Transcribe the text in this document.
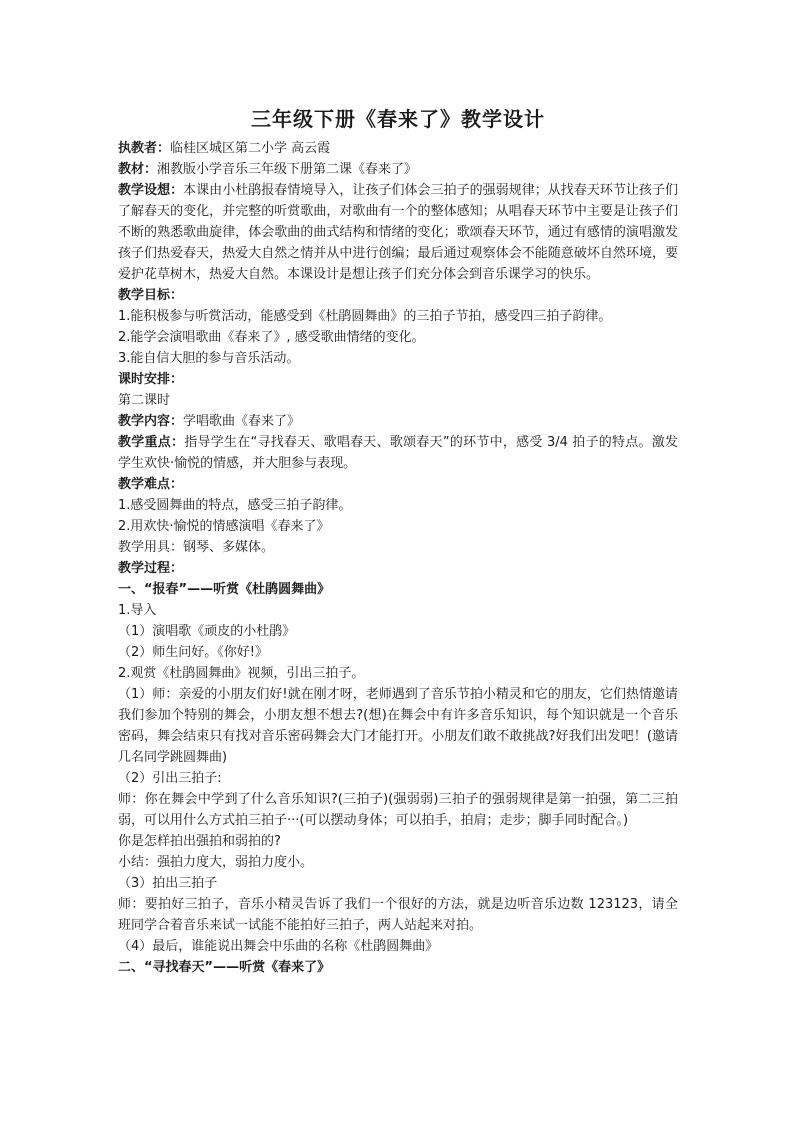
三年级下册《春来了》教学设计

执教者：临桂区城区第二小学 高云霞

教材：湘教版小学音乐三年级下册第二课《春来了》

教学设想：本课由小杜鹃报春情境导入，让孩子们体会三拍子的强弱规律；从找春天环节让孩子们了解春天的变化，并完整的听赏歌曲，对歌曲有一个的整体感知；从唱春天环节中主要是让孩子们不断的熟悉歌曲旋律，体会歌曲的曲式结构和情绪的变化；歌颂春天环节，通过有感情的演唱激发孩子们热爱春天，热爱大自然之情并从中进行创编；最后通过观察体会不能随意破坏自然环境，要爱护花草树木，热爱大自然。本课设计是想让孩子们充分体会到音乐课学习的快乐。

教学目标：

1.能积极参与听赏活动，能感受到《杜鹃圆舞曲》的三拍子节拍，感受四三拍子韵律。

2.能学会演唱歌曲《春来了》, 感受歌曲情绪的变化。

3.能自信大胆的参与音乐活动。

课时安排：

第二课时

教学内容：学唱歌曲《春来了》

教学重点：指导学生在“寻找春天、歌唱春天、歌颂春天”的环节中，感受 3/4 拍子的特点。激发学生欢快·愉悦的情感，并大胆参与表现。

教学难点：

1.感受圆舞曲的特点，感受三拍子韵律。

2.用欢快·愉悦的情感演唱《春来了》

教学用具：钢琴、多媒体。

教学过程：

一、“报春”——听赏《杜鹃圆舞曲》

1.导入

（1）演唱歌《顽皮的小杜鹃》

（2）师生问好。《你好!》

2.观赏《杜鹃圆舞曲》视频，引出三拍子。

（1）师：亲爱的小朋友们好!就在刚才呀，老师遇到了音乐节拍小精灵和它的朋友，它们热情邀请我们参加个特别的舞会，小朋友想不想去?(想)在舞会中有许多音乐知识，每个知识就是一个音乐密码，舞会结束只有找对音乐密码舞会大门才能打开。小朋友们敢不敢挑战?好我们出发吧！(邀请几名同学跳圆舞曲)

（2）引出三拍子:

师：你在舞会中学到了什么音乐知识?(三拍子)(强弱弱)三拍子的强弱规律是第一拍强，第二三拍弱，可以用什么方式拍三拍子···(可以摆动身体；可以拍手，拍肩；走步；脚手同时配合。)

你是怎样拍出强拍和弱拍的?

小结：强拍力度大，弱拍力度小。

（3）拍出三拍子

师：要拍好三拍子，音乐小精灵告诉了我们一个很好的方法，就是边听音乐边数 123123，请全班同学合着音乐来试一试能不能拍好三拍子，两人站起来对拍。

（4）最后，谁能说出舞会中乐曲的名称《杜鹃圆舞曲》

二、“寻找春天”——听赏《春来了》
